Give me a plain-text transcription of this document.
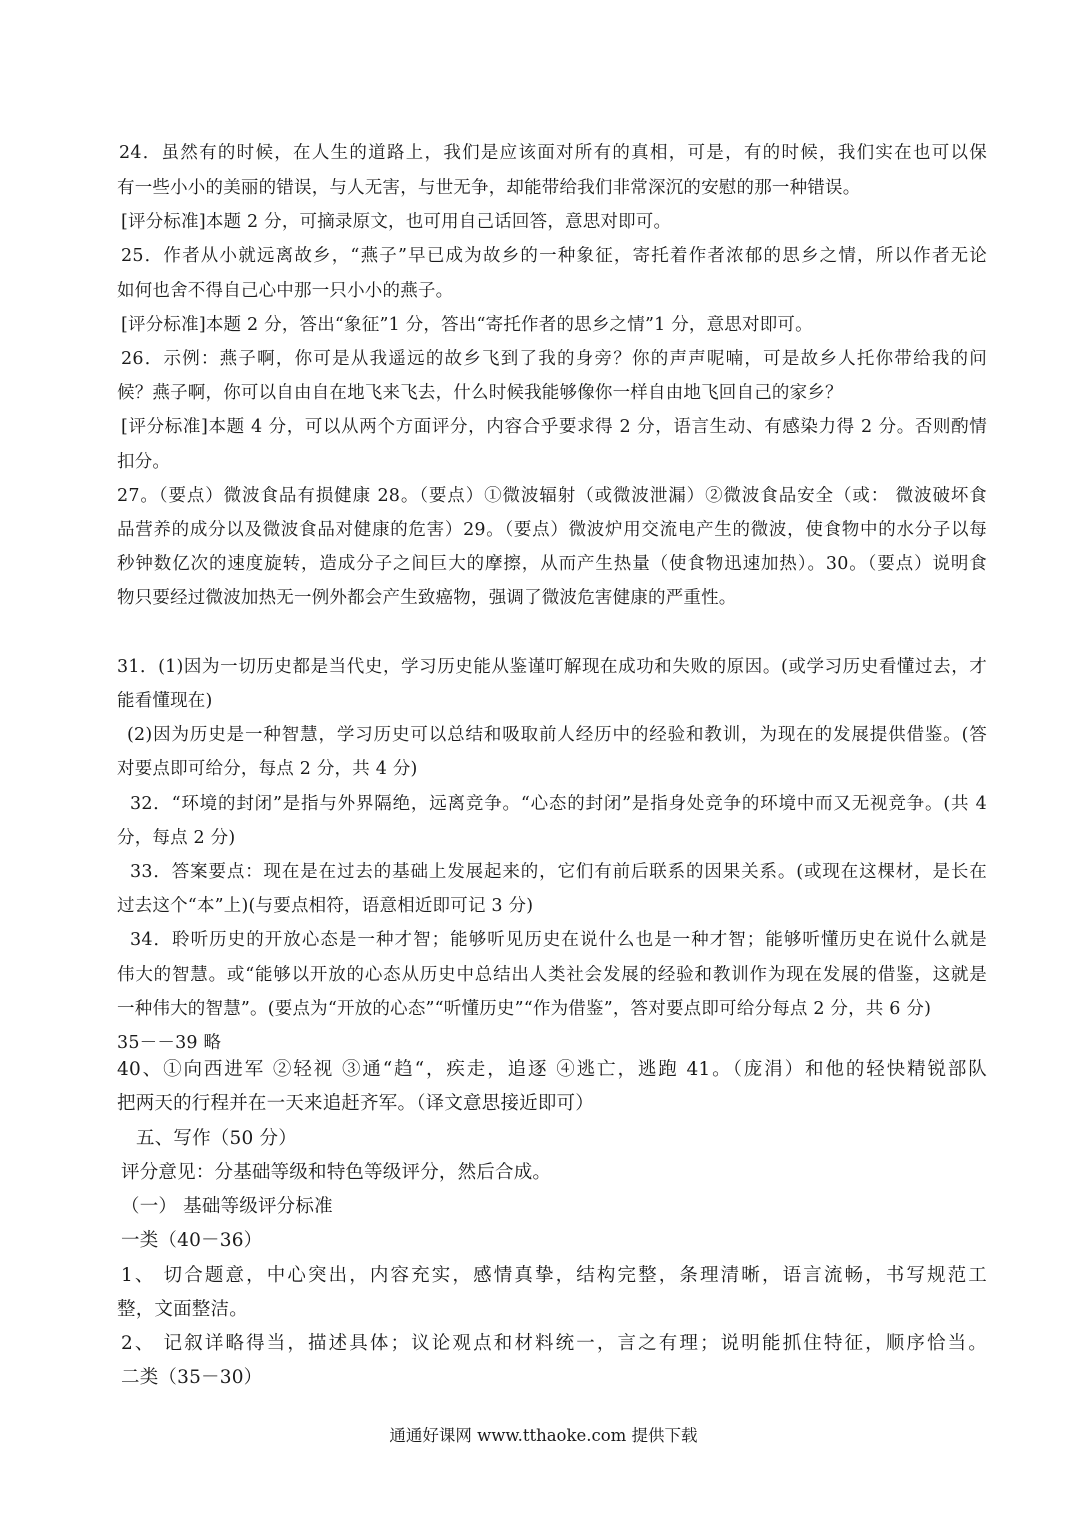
24．虽然有的时候，在人生的道路上，我们是应该面对所有的真相，可是，有的时候，我们实在也可以保
有一些小小的美丽的错误，与人无害，与世无争，却能带给我们非常深沉的安慰的那一种错误。
[评分标准]本题 2 分，可摘录原文，也可用自己话回答，意思对即可。
25．作者从小就远离故乡，“燕子”早已成为故乡的一种象征，寄托着作者浓郁的思乡之情，所以作者无论
如何也舍不得自己心中那一只小小的燕子。
[评分标准]本题 2 分，答出“象征”1 分，答出“寄托作者的思乡之情”1 分，意思对即可。
26．示例：燕子啊，你可是从我遥远的故乡飞到了我的身旁？你的声声呢喃，可是故乡人托你带给我的问
候？燕子啊，你可以自由自在地飞来飞去，什么时候我能够像你一样自由地飞回自己的家乡？
[评分标准]本题 4 分，可以从两个方面评分，内容合乎要求得 2 分，语言生动、有感染力得 2 分。否则酌情
扣分。
27。（要点）微波食品有损健康 28。（要点）①微波辐射（或微波泄漏）②微波食品安全（或： 微波破坏食
品营养的成分以及微波食品对健康的危害）29。（要点）微波炉用交流电产生的微波，使食物中的水分子以每
秒钟数亿次的速度旋转，造成分子之间巨大的摩擦，从而产生热量（使食物迅速加热）。30。（要点）说明食
物只要经过微波加热无一例外都会产生致癌物，强调了微波危害健康的严重性。
31．(1)因为一切历史都是当代史，学习历史能从鉴谨叮解现在成功和失败的原因。(或学习历史看懂过去，才
能看懂现在)
(2)因为历史是一种智慧，学习历史可以总结和吸取前人经历中的经验和教训，为现在的发展提供借鉴。(答
对要点即可给分，每点 2 分，共 4 分)
32．“环境的封闭”是指与外界隔绝，远离竞争。“心态的封闭”是指身处竞争的环境中而又无视竞争。(共 4
分，每点 2 分)
33．答案要点：现在是在过去的基础上发展起来的，它们有前后联系的因果关系。(或现在这棵材，是长在
过去这个“本”上)(与要点相符，语意相近即可记 3 分)
34．聆听历史的开放心态是一种才智；能够听见历史在说什么也是一种才智；能够听懂历史在说什么就是
伟大的智慧。或“能够以开放的心态从历史中总结出人类社会发展的经验和教训作为现在发展的借鉴，这就是
一种伟大的智慧”。(要点为“开放的心态”“听懂历史”“作为借鉴”，答对要点即可给分每点 2 分，共 6 分)
35－－39 略
40、①向西进军 ②轻视 ③通“趋“，疾走，追逐 ④逃亡，逃跑 41。（庞涓）和他的轻快精锐部队
把两天的行程并在一天来追赶齐军。（译文意思接近即可）
五、写作（50 分）
评分意见：分基础等级和特色等级评分，然后合成。
（一） 基础等级评分标准
一类（40－36）
1、 切合题意，中心突出，内容充实，感情真挚，结构完整，条理清晰，语言流畅，书写规范工
整，文面整洁。
2、 记叙详略得当，描述具体；议论观点和材料统一，言之有理；说明能抓住特征，顺序恰当。
二类（35－30）
通通好课网 www.tthaoke.com 提供下载
